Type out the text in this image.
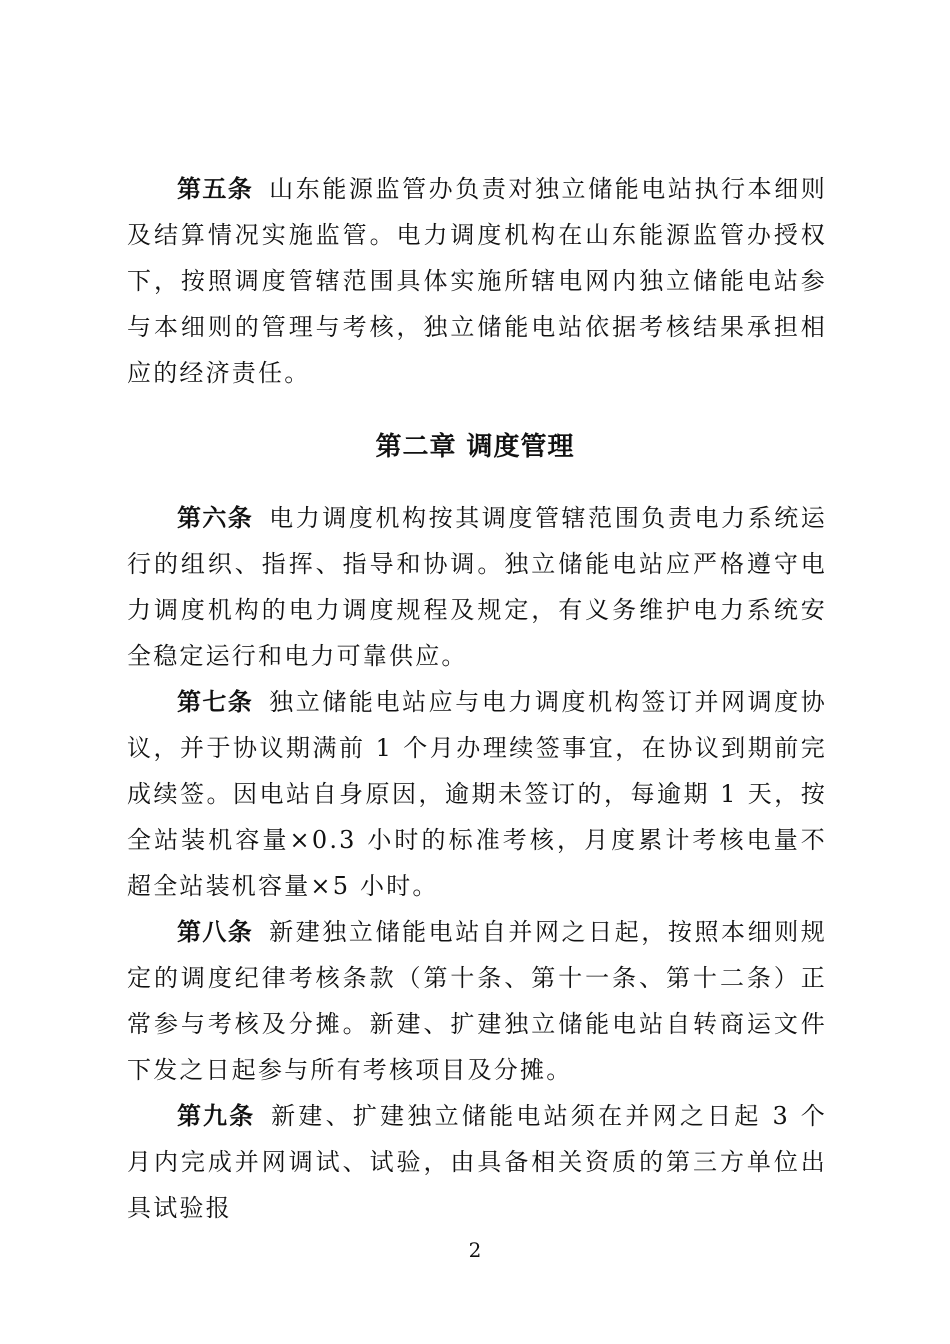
第五条 山东能源监管办负责对独立储能电站执行本细则及结算情况实施监管。电力调度机构在山东能源监管办授权下，按照调度管辖范围具体实施所辖电网内独立储能电站参与本细则的管理与考核，独立储能电站依据考核结果承担相应的经济责任。

第二章 调度管理

第六条 电力调度机构按其调度管辖范围负责电力系统运行的组织、指挥、指导和协调。独立储能电站应严格遵守电力调度机构的电力调度规程及规定，有义务维护电力系统安全稳定运行和电力可靠供应。

第七条 独立储能电站应与电力调度机构签订并网调度协议，并于协议期满前 1 个月办理续签事宜，在协议到期前完成续签。因电站自身原因，逾期未签订的，每逾期 1 天，按全站装机容量×0.3 小时的标准考核，月度累计考核电量不超全站装机容量×5 小时。

第八条 新建独立储能电站自并网之日起，按照本细则规定的调度纪律考核条款（第十条、第十一条、第十二条）正常参与考核及分摊。新建、扩建独立储能电站自转商运文件下发之日起参与所有考核项目及分摊。

第九条 新建、扩建独立储能电站须在并网之日起 3 个月内完成并网调试、试验，由具备相关资质的第三方单位出具试验报

2
